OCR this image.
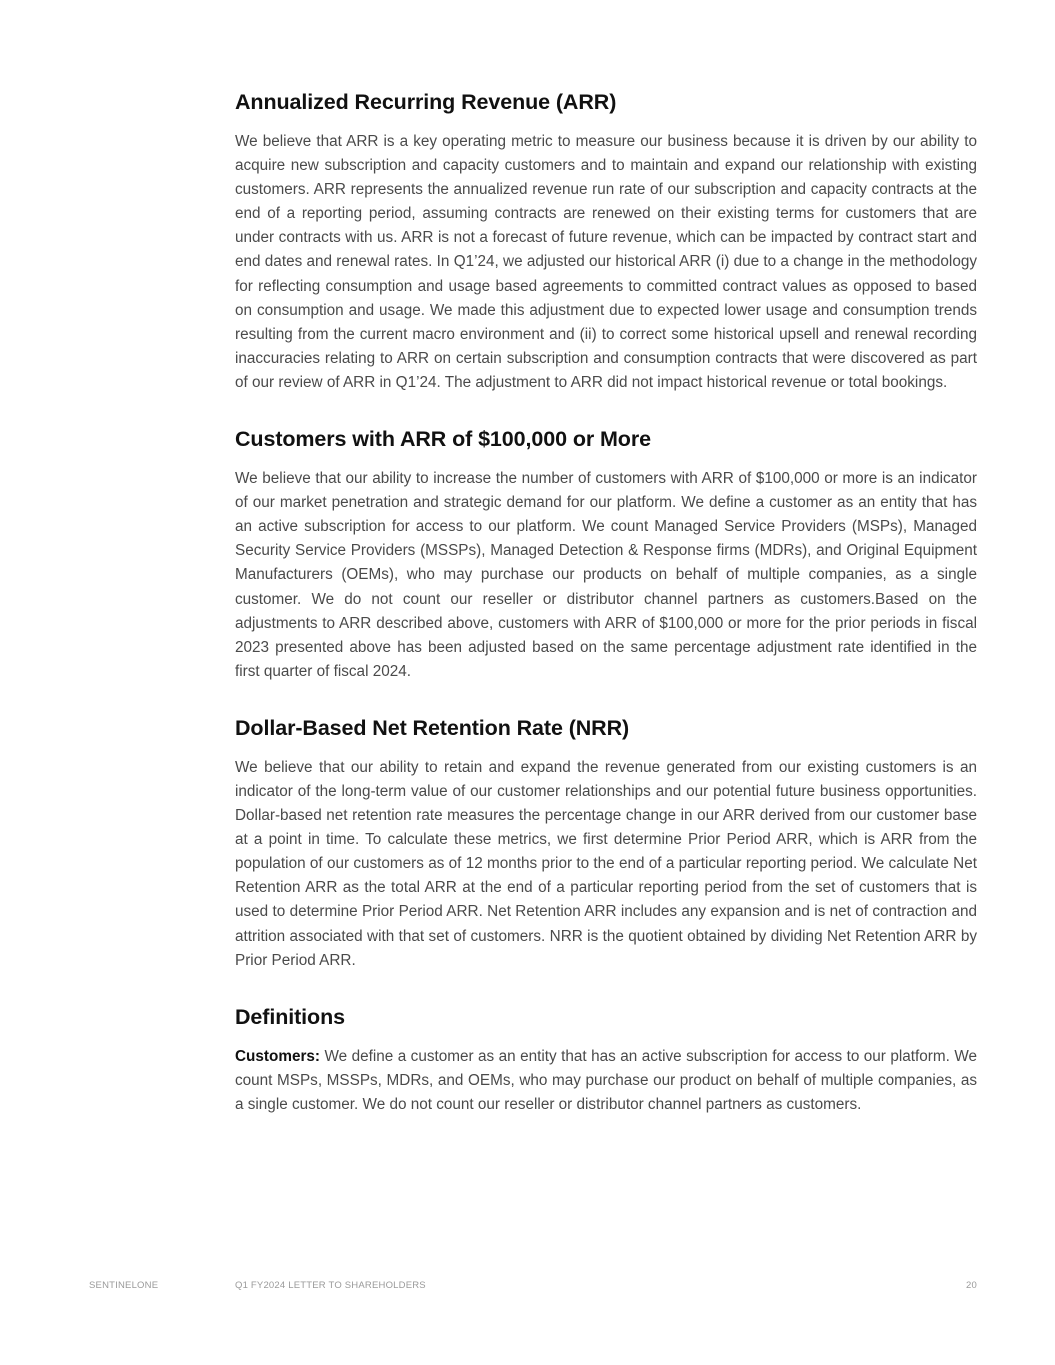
Annualized Recurring Revenue (ARR)

We believe that ARR is a key operating metric to measure our business because it is driven by our ability to acquire new subscription and capacity customers and to maintain and expand our relationship with existing customers. ARR represents the annualized revenue run rate of our subscription and capacity contracts at the end of a reporting period, assuming contracts are renewed on their existing terms for customers that are under contracts with us. ARR is not a forecast of future revenue, which can be impacted by contract start and end dates and renewal rates. In Q1’24, we adjusted our historical ARR (i) due to a change in the methodology for reflecting consumption and usage based agreements to committed contract values as opposed to based on consumption and usage. We made this adjustment due to expected lower usage and consumption trends resulting from the current macro environment and (ii) to correct some historical upsell and renewal recording inaccuracies relating to ARR on certain subscription and consumption contracts that were discovered as part of our review of ARR in Q1’24. The adjustment to ARR did not impact historical revenue or total bookings.

Customers with ARR of $100,000 or More

We believe that our ability to increase the number of customers with ARR of $100,000 or more is an indicator of our market penetration and strategic demand for our platform. We define a customer as an entity that has an active subscription for access to our platform. We count Managed Service Providers (MSPs), Managed Security Service Providers (MSSPs), Managed Detection & Response firms (MDRs), and Original Equipment Manufacturers (OEMs), who may purchase our products on behalf of multiple companies, as a single customer. We do not count our reseller or distributor channel partners as customers.Based on the adjustments to ARR described above, customers with ARR of $100,000 or more for the prior periods in fiscal 2023 presented above has been adjusted based on the same percentage adjustment rate identified in the first quarter of fiscal 2024.

Dollar-Based Net Retention Rate (NRR)

We believe that our ability to retain and expand the revenue generated from our existing customers is an indicator of the long-term value of our customer relationships and our potential future business opportunities. Dollar-based net retention rate measures the percentage change in our ARR derived from our customer base at a point in time. To calculate these metrics, we first determine Prior Period ARR, which is ARR from the population of our customers as of 12 months prior to the end of a particular reporting period. We calculate Net Retention ARR as the total ARR at the end of a particular reporting period from the set of customers that is used to determine Prior Period ARR. Net Retention ARR includes any expansion and is net of contraction and attrition associated with that set of customers. NRR is the quotient obtained by dividing Net Retention ARR by Prior Period ARR.

Definitions

Customers: We define a customer as an entity that has an active subscription for access to our platform. We count MSPs, MSSPs, MDRs, and OEMs, who may purchase our product on behalf of multiple companies, as a single customer. We do not count our reseller or distributor channel partners as customers.

SENTINELONE	Q1 FY2024 LETTER TO SHAREHOLDERS	20
